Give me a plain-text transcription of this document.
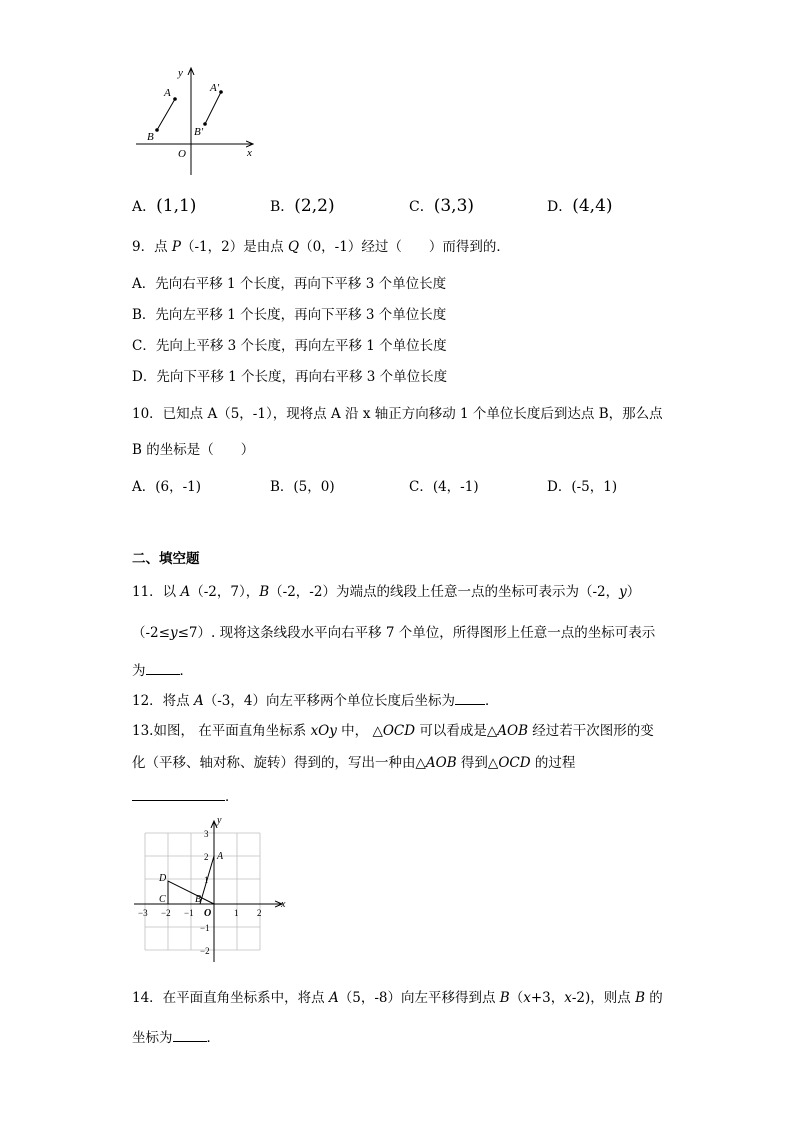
y
x
O
A
B
A'
B'
A．(1,1)	B．(2,2)	C．(3,3)	D．(4,4)
9．点 P（-1，2）是由点 Q（0，-1）经过（　　）而得到的．
A．先向右平移 1 个长度，再向下平移 3 个单位长度
B．先向左平移 1 个长度，再向下平移 3 个单位长度
C．先向上平移 3 个长度，再向左平移 1 个单位长度
D．先向下平移 1 个长度，再向右平移 3 个单位长度
10．已知点 A（5，-1），现将点 A 沿 x 轴正方向移动 1 个单位长度后到达点 B，那么点
B 的坐标是（　　）
A．(6，-1)	B．(5，0)	C．(4，-1)	D．(-5，1)
二、填空题
11．以 A（-2，7），B（-2，-2）为端点的线段上任意一点的坐标可表示为（-2，y）
（-2≤y≤7）. 现将这条线段水平向右平移 7 个单位，所得图形上任意一点的坐标可表示
为	．
12．将点 A（-3，4）向左平移两个单位长度后坐标为 ．
13.如图， 在平面直角坐标系 xOy 中， △OCD 可以看成是△AOB 经过若干次图形的变
化（平移、轴对称、旋转）得到的，写出一种由△AOB 得到△OCD 的过程
．
x
y
−3 −2 −1	1 2
3
2
1
−1
−2
O
A
B
C
D
14．在平面直角坐标系中，将点 A（5，-8）向左平移得到点 B（x+3，x-2)，则点 B 的
坐标为	．
